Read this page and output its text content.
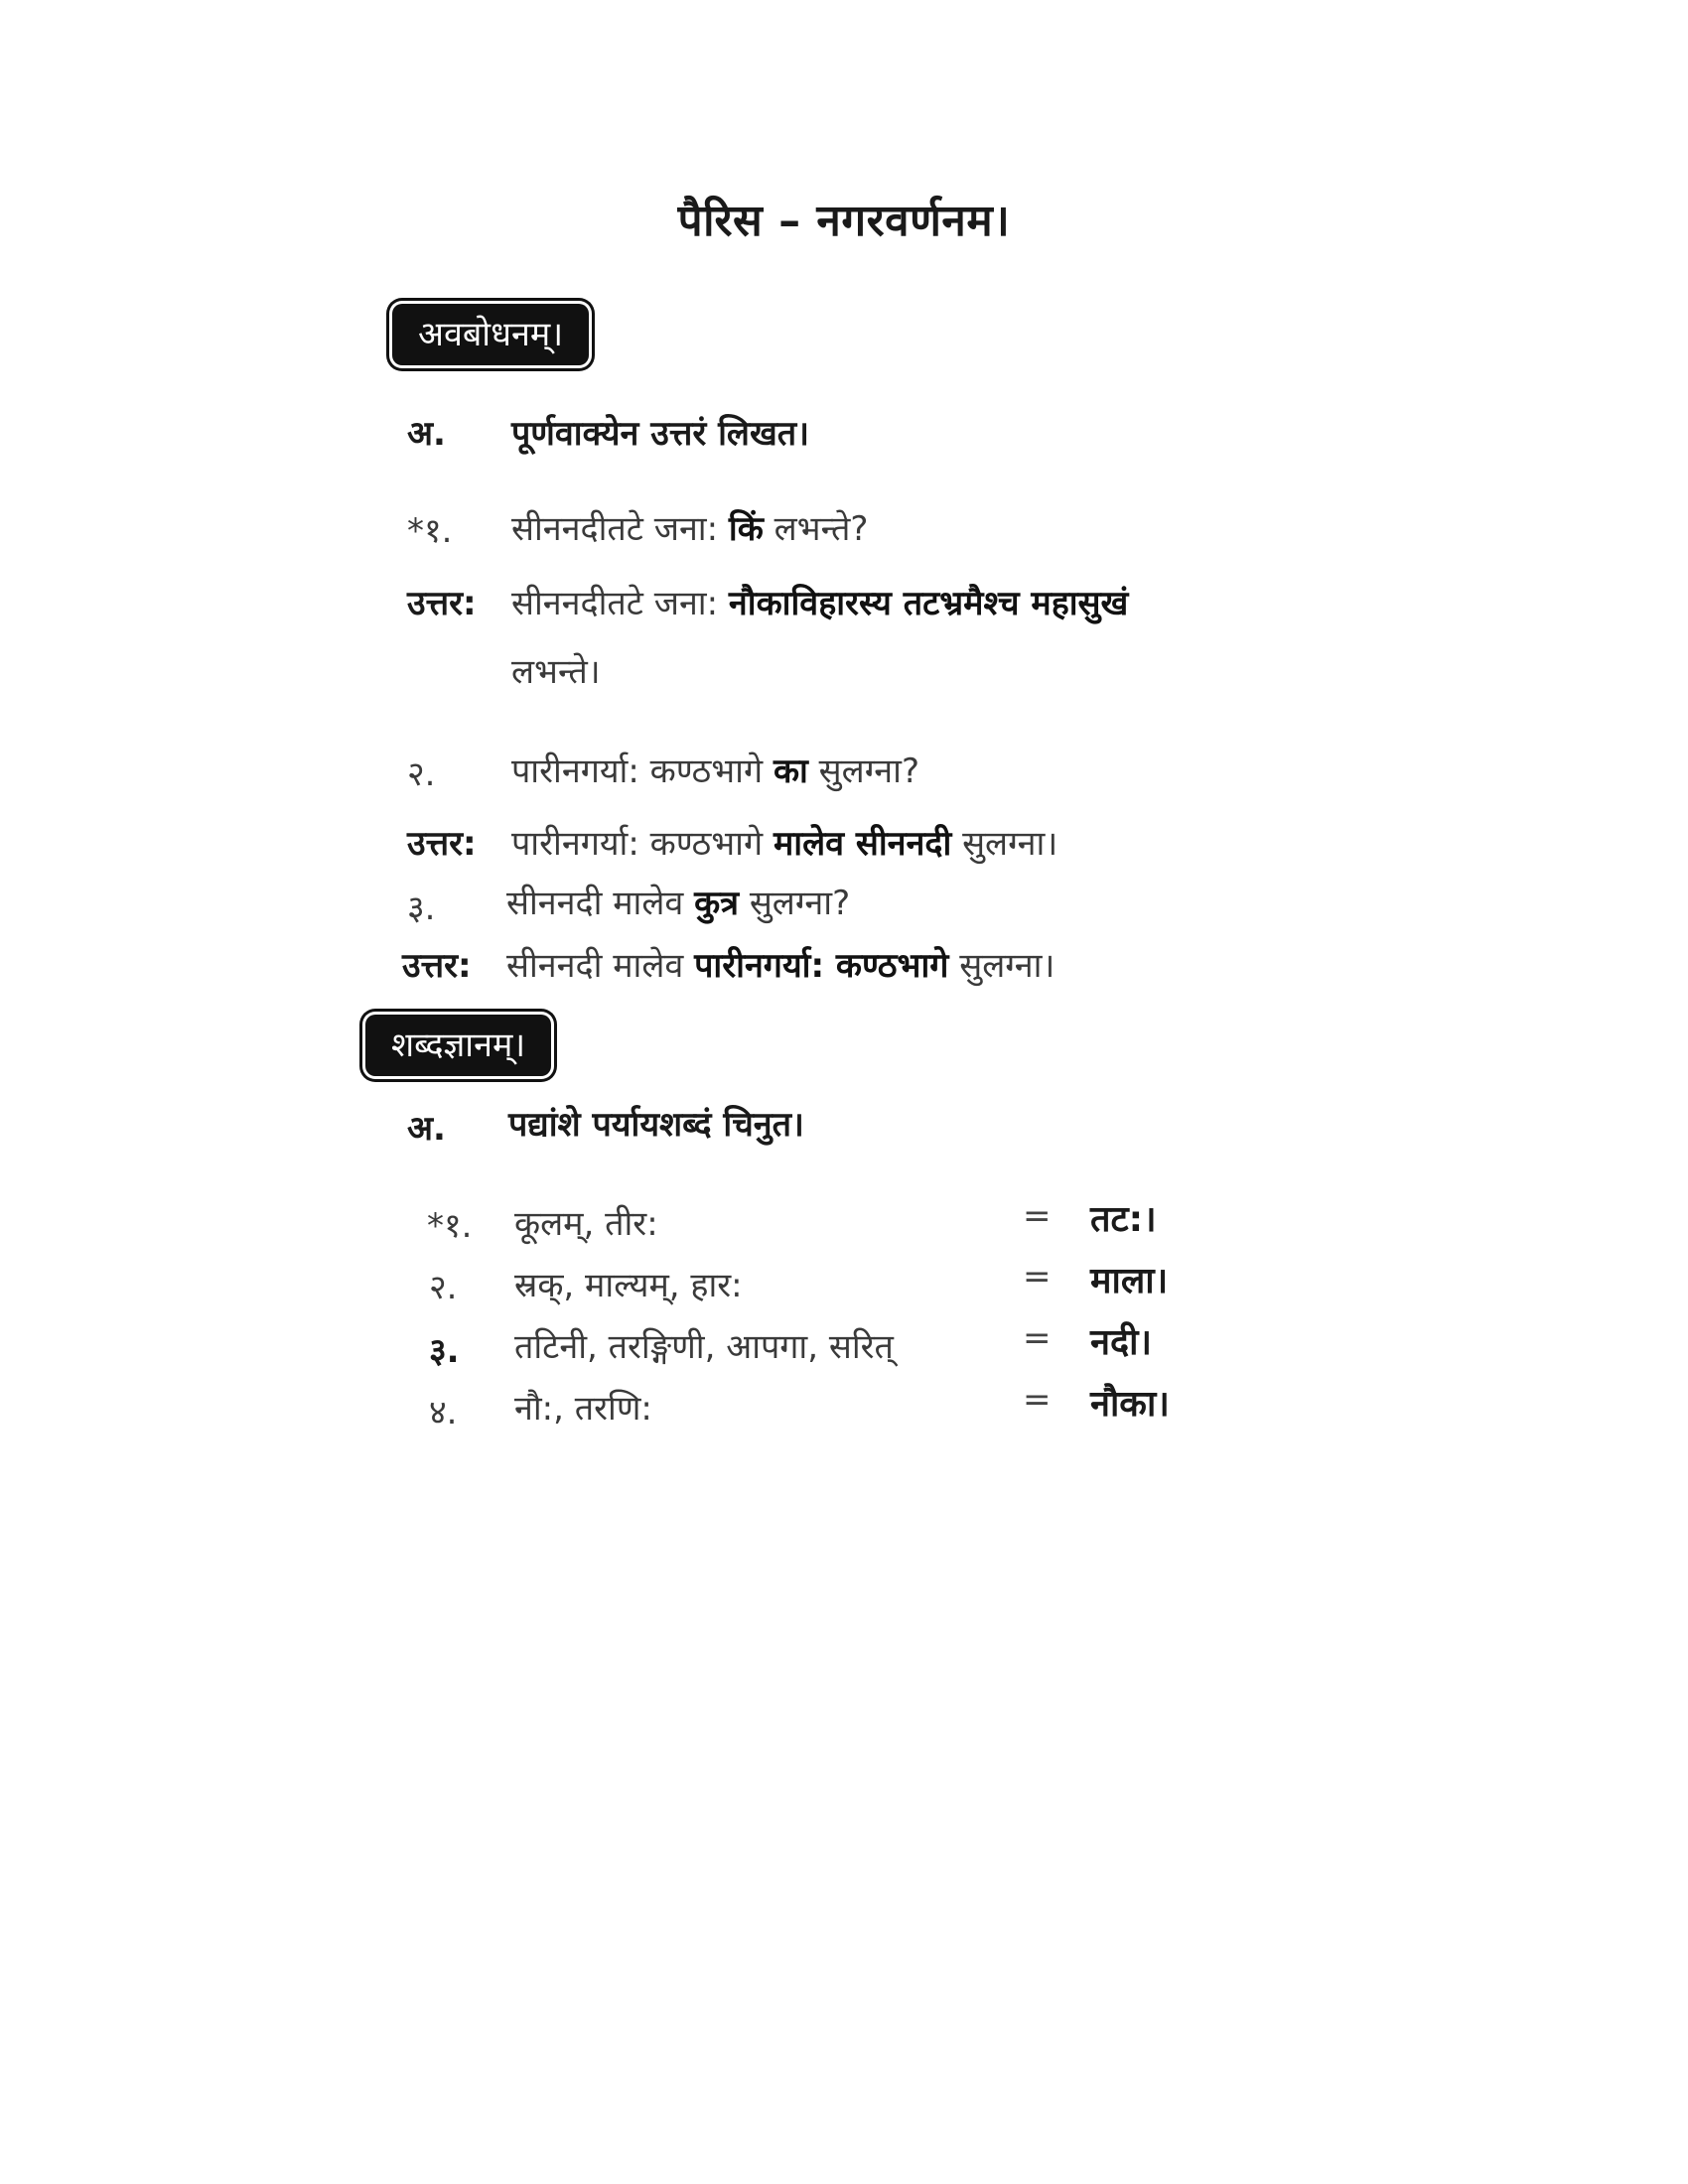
पैरिस – नगरवर्णनम।
अवबोधनम्।
अ. पूर्णवाक्येन उत्तरं लिखत।
*१. सीननदीतटे जना: किं लभन्ते?
उत्तर: सीननदीतटे जना: नौकाविहारस्य तटभ्रमैश्च महासुखं
लभन्ते।
२. पारीनगर्या: कण्ठभागे का सुलग्ना?
उत्तर: पारीनगर्या: कण्ठभागे मालेव सीननदी सुलग्ना।
३. सीननदी मालेव कुत्र सुलग्ना?
उत्तर: सीननदी मालेव पारीनगर्या: कण्ठभागे सुलग्ना।
शब्दज्ञानम्।
अ. पद्यांशे पर्यायशब्दं चिनुत।
*१. कूलम्, तीर:	= तट:।
२. स्रक्, माल्यम्, हार:	= माला।
३. तटिनी, तरङ्गिणी, आपगा, सरित्	= नदी।
४. नौ:, तरणि:	= नौका।
